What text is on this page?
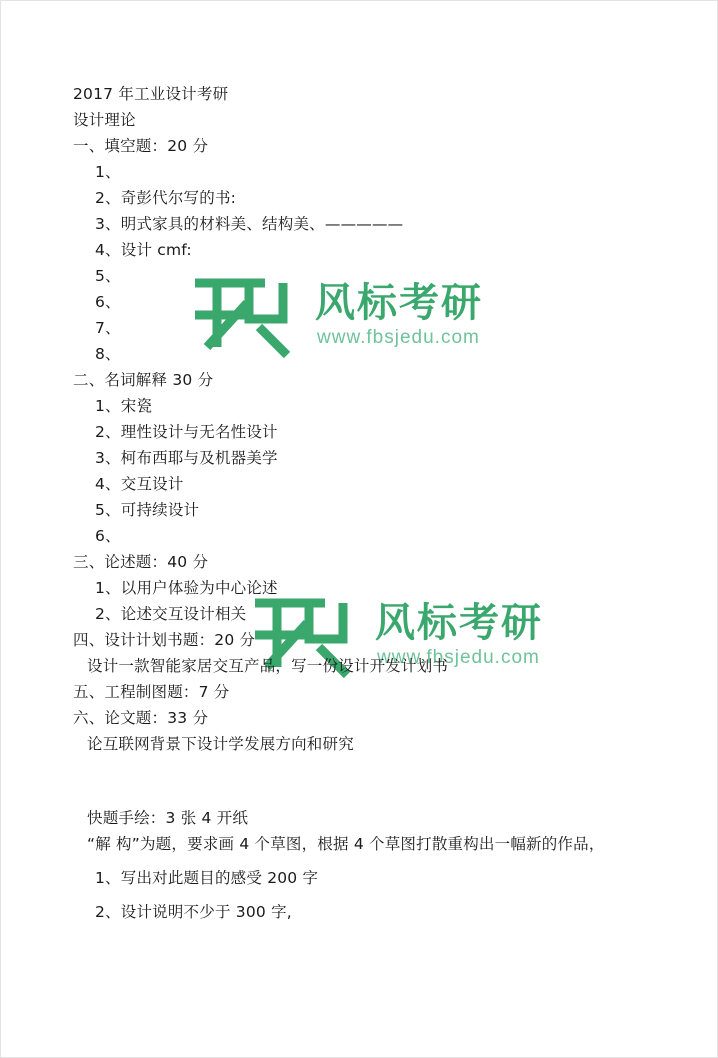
风标考研
www.fbsjedu.com
风标考研
www.fbsjedu.com
2017 年工业设计考研
设计理论
一、填空题：20 分
1、
2、奇彭代尔写的书:
3、明式家具的材料美、结构美、—————
4、设计 cmf:
5、
6、
7、
8、
二、名词解释 30 分
1、宋瓷
2、理性设计与无名性设计
3、柯布西耶与及机器美学
4、交互设计
5、可持续设计
6、
三、论述题：40 分
1、以用户体验为中心论述
2、论述交互设计相关
四、设计计划书题：20 分
设计一款智能家居交互产品，写一份设计开发计划书
五、工程制图题：7 分
六、论文题：33 分
论互联网背景下设计学发展方向和研究
快题手绘：3 张 4 开纸
“解 构”为题，要求画 4 个草图，根据 4 个草图打散重构出一幅新的作品，
1、写出对此题目的感受 200 字
2、设计说明不少于 300 字,
